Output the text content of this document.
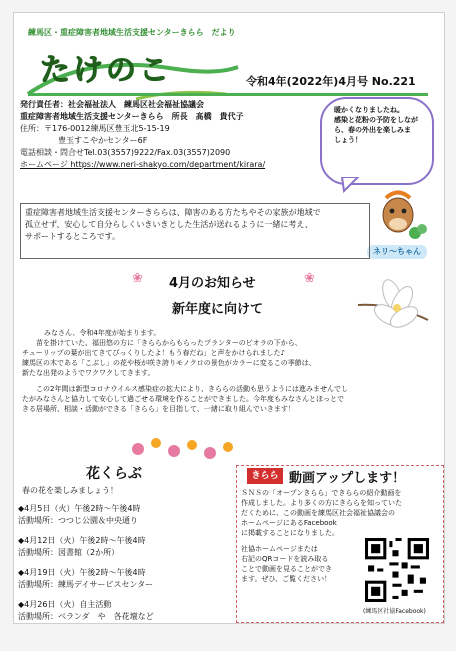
練馬区・重症障害者地域生活支援センターきらら　だより
たけのこ	令和4年(2022年)4月号 No.221
発行責任者：社会福祉法人　練馬区社会福祉協議会
重症障害者地域生活支援センターきらら　所長　髙橋　貴代子
住所：〒176-0012練馬区豊玉北5-15-19
豊玉すこやかセンター6F
電話相談・問合せTel.03(3557)9222/Fax.03(3557)2090
ホームページ https://www.nerі-shakyo.com/department/kirara/
暖かくなりましたね。
感染と花粉の予防をしなが
ら、春の外出を楽しみま
しょう！
ネリ～ちゃん
重症障害者地域生活支援センターきららは、障害のある方たちやその家族が地域で
孤立せず、安心して自分らしくいきいきとした生活が送れるように一緒に考え、
サポートするところです。
❀	❀
4月のお知らせ
新年度に向けて
みなさん、令和4年度が始まります。
苗を掛けていた、福田悠の方に「きららからもらったプランターのビオラの下から、
チューリップの葉が出てきてびっくりしたよ！もう春だね」と声をかけられました♪
練馬区の木である「こぶし」の花や桜が咲き誇りモノクロの景色がカラーに変るこの季節は、
新たな出発のようでワクワクしてきます。
この2年間は新型コロナウイルス感染症の拡大により、きららの活動も思うようには進みませんでし
たがみなさんと協力して安心して過ごせる環境を作ることができました。今年度もみなさんとほっとで
きる居場所、相談・活動ができる「きらら」を目指して、一緒に取り組んでいきます！
花くらぶ
春の花を楽しみましょう！
◆4月5日（火）午後2時〜午後4時
活動場所：つつじ公園＆中央通り
◆4月12日（火）午後2時〜午後4時
活動場所：図書館（2か所）
◆4月19日（火）午後2時〜午後4時
活動場所：練馬デイサービスセンター
◆4月26日（火）自主活動
活動場所：ベランダ　や　各花壇など
きらら 動画アップします！
ＳＮＳの「オープンきらら」できららの紹介動画を
作成しました。より多くの方にきららを知っていた
だくために、この動画を練馬区社会福祉協議会の
ホームページにあるFacebook
に掲載することになりました。
社協ホームページまたは
右記のQRコードを読み取る
ことで動画を見ることができ
ます。ぜひ、ご覧ください！
(練馬区社協Facebook)
